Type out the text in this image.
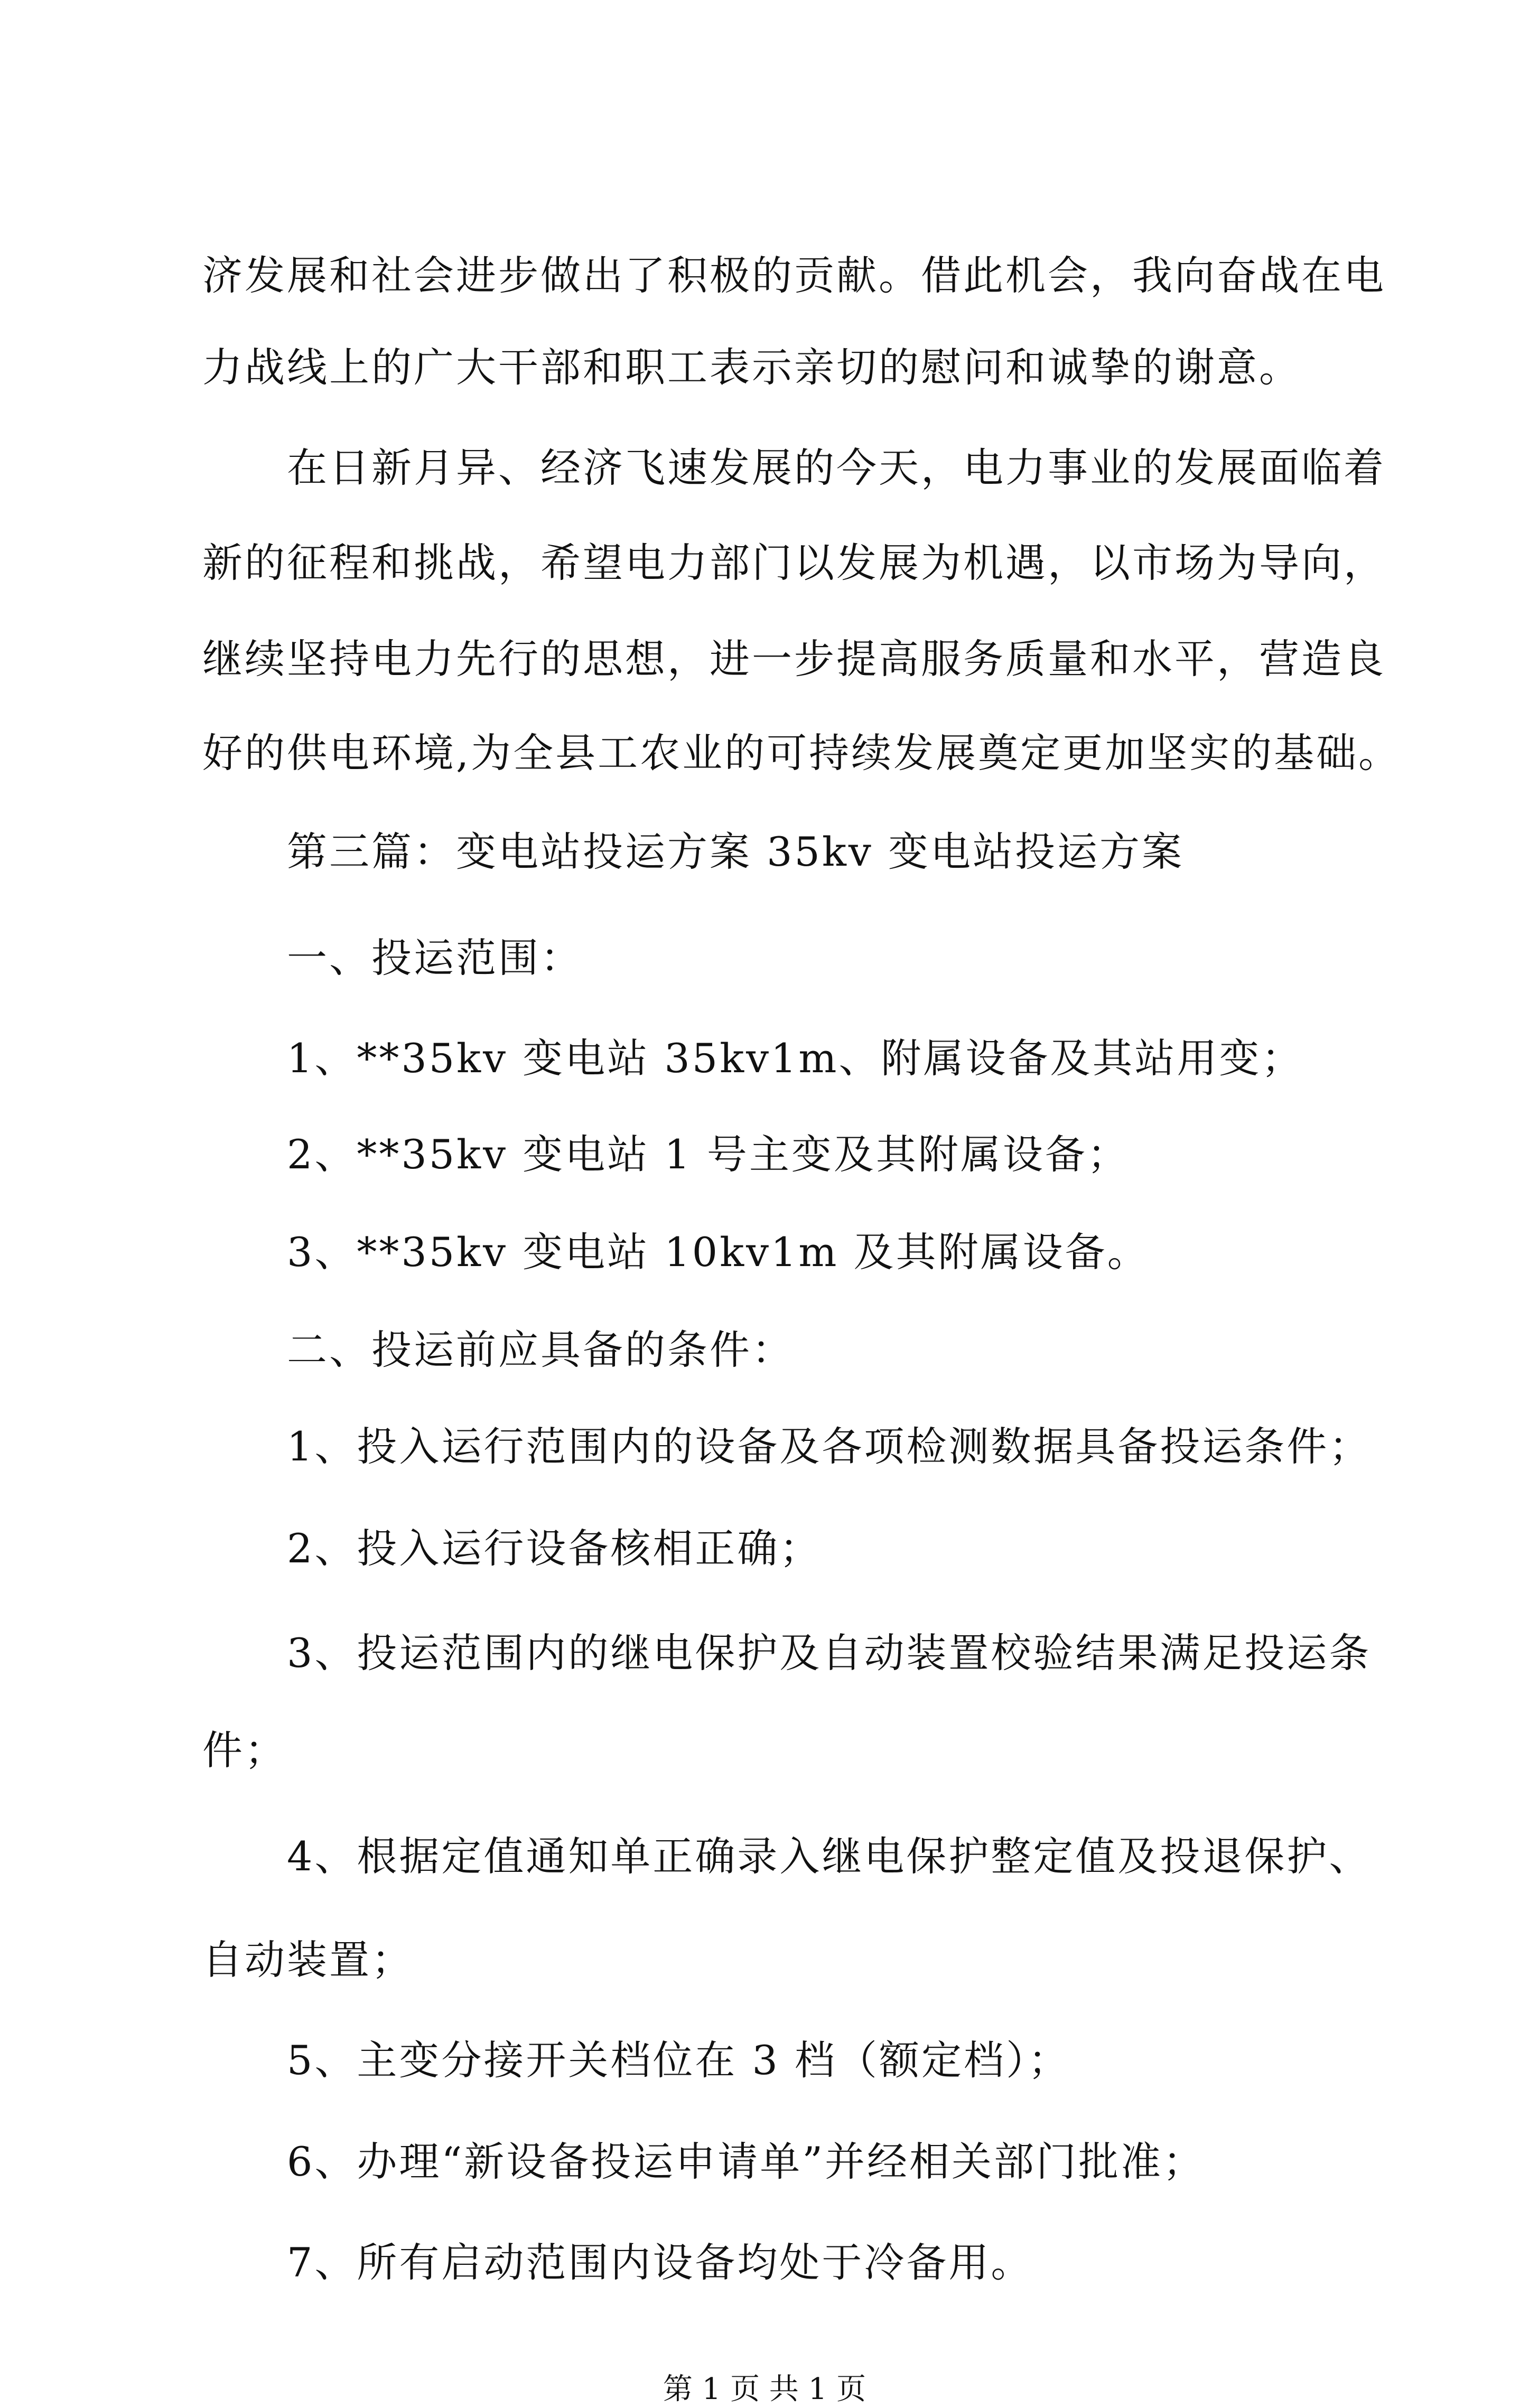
济发展和社会进步做出了积极的贡献。借此机会，我向奋战在电
力战线上的广大干部和职工表示亲切的慰问和诚挚的谢意。
在日新月异、经济飞速发展的今天，电力事业的发展面临着
新的征程和挑战，希望电力部门以发展为机遇，以市场为导向，
继续坚持电力先行的思想，进一步提高服务质量和水平，营造良
好的供电环境,为全县工农业的可持续发展奠定更加坚实的基础。
第三篇：变电站投运方案 35kv 变电站投运方案
一、投运范围：
1、**35kv 变电站 35kv1m、附属设备及其站用变；
2、**35kv 变电站 1 号主变及其附属设备；
3、**35kv 变电站 10kv1m 及其附属设备。
二、投运前应具备的条件：
1、投入运行范围内的设备及各项检测数据具备投运条件；
2、投入运行设备核相正确；
3、投运范围内的继电保护及自动装置校验结果满足投运条
件；
4、根据定值通知单正确录入继电保护整定值及投退保护、
自动装置；
5、主变分接开关档位在 3 档（额定档）；
6、办理“新设备投运申请单”并经相关部门批准；
7、所有启动范围内设备均处于冷备用。
第 1 页 共 1 页
